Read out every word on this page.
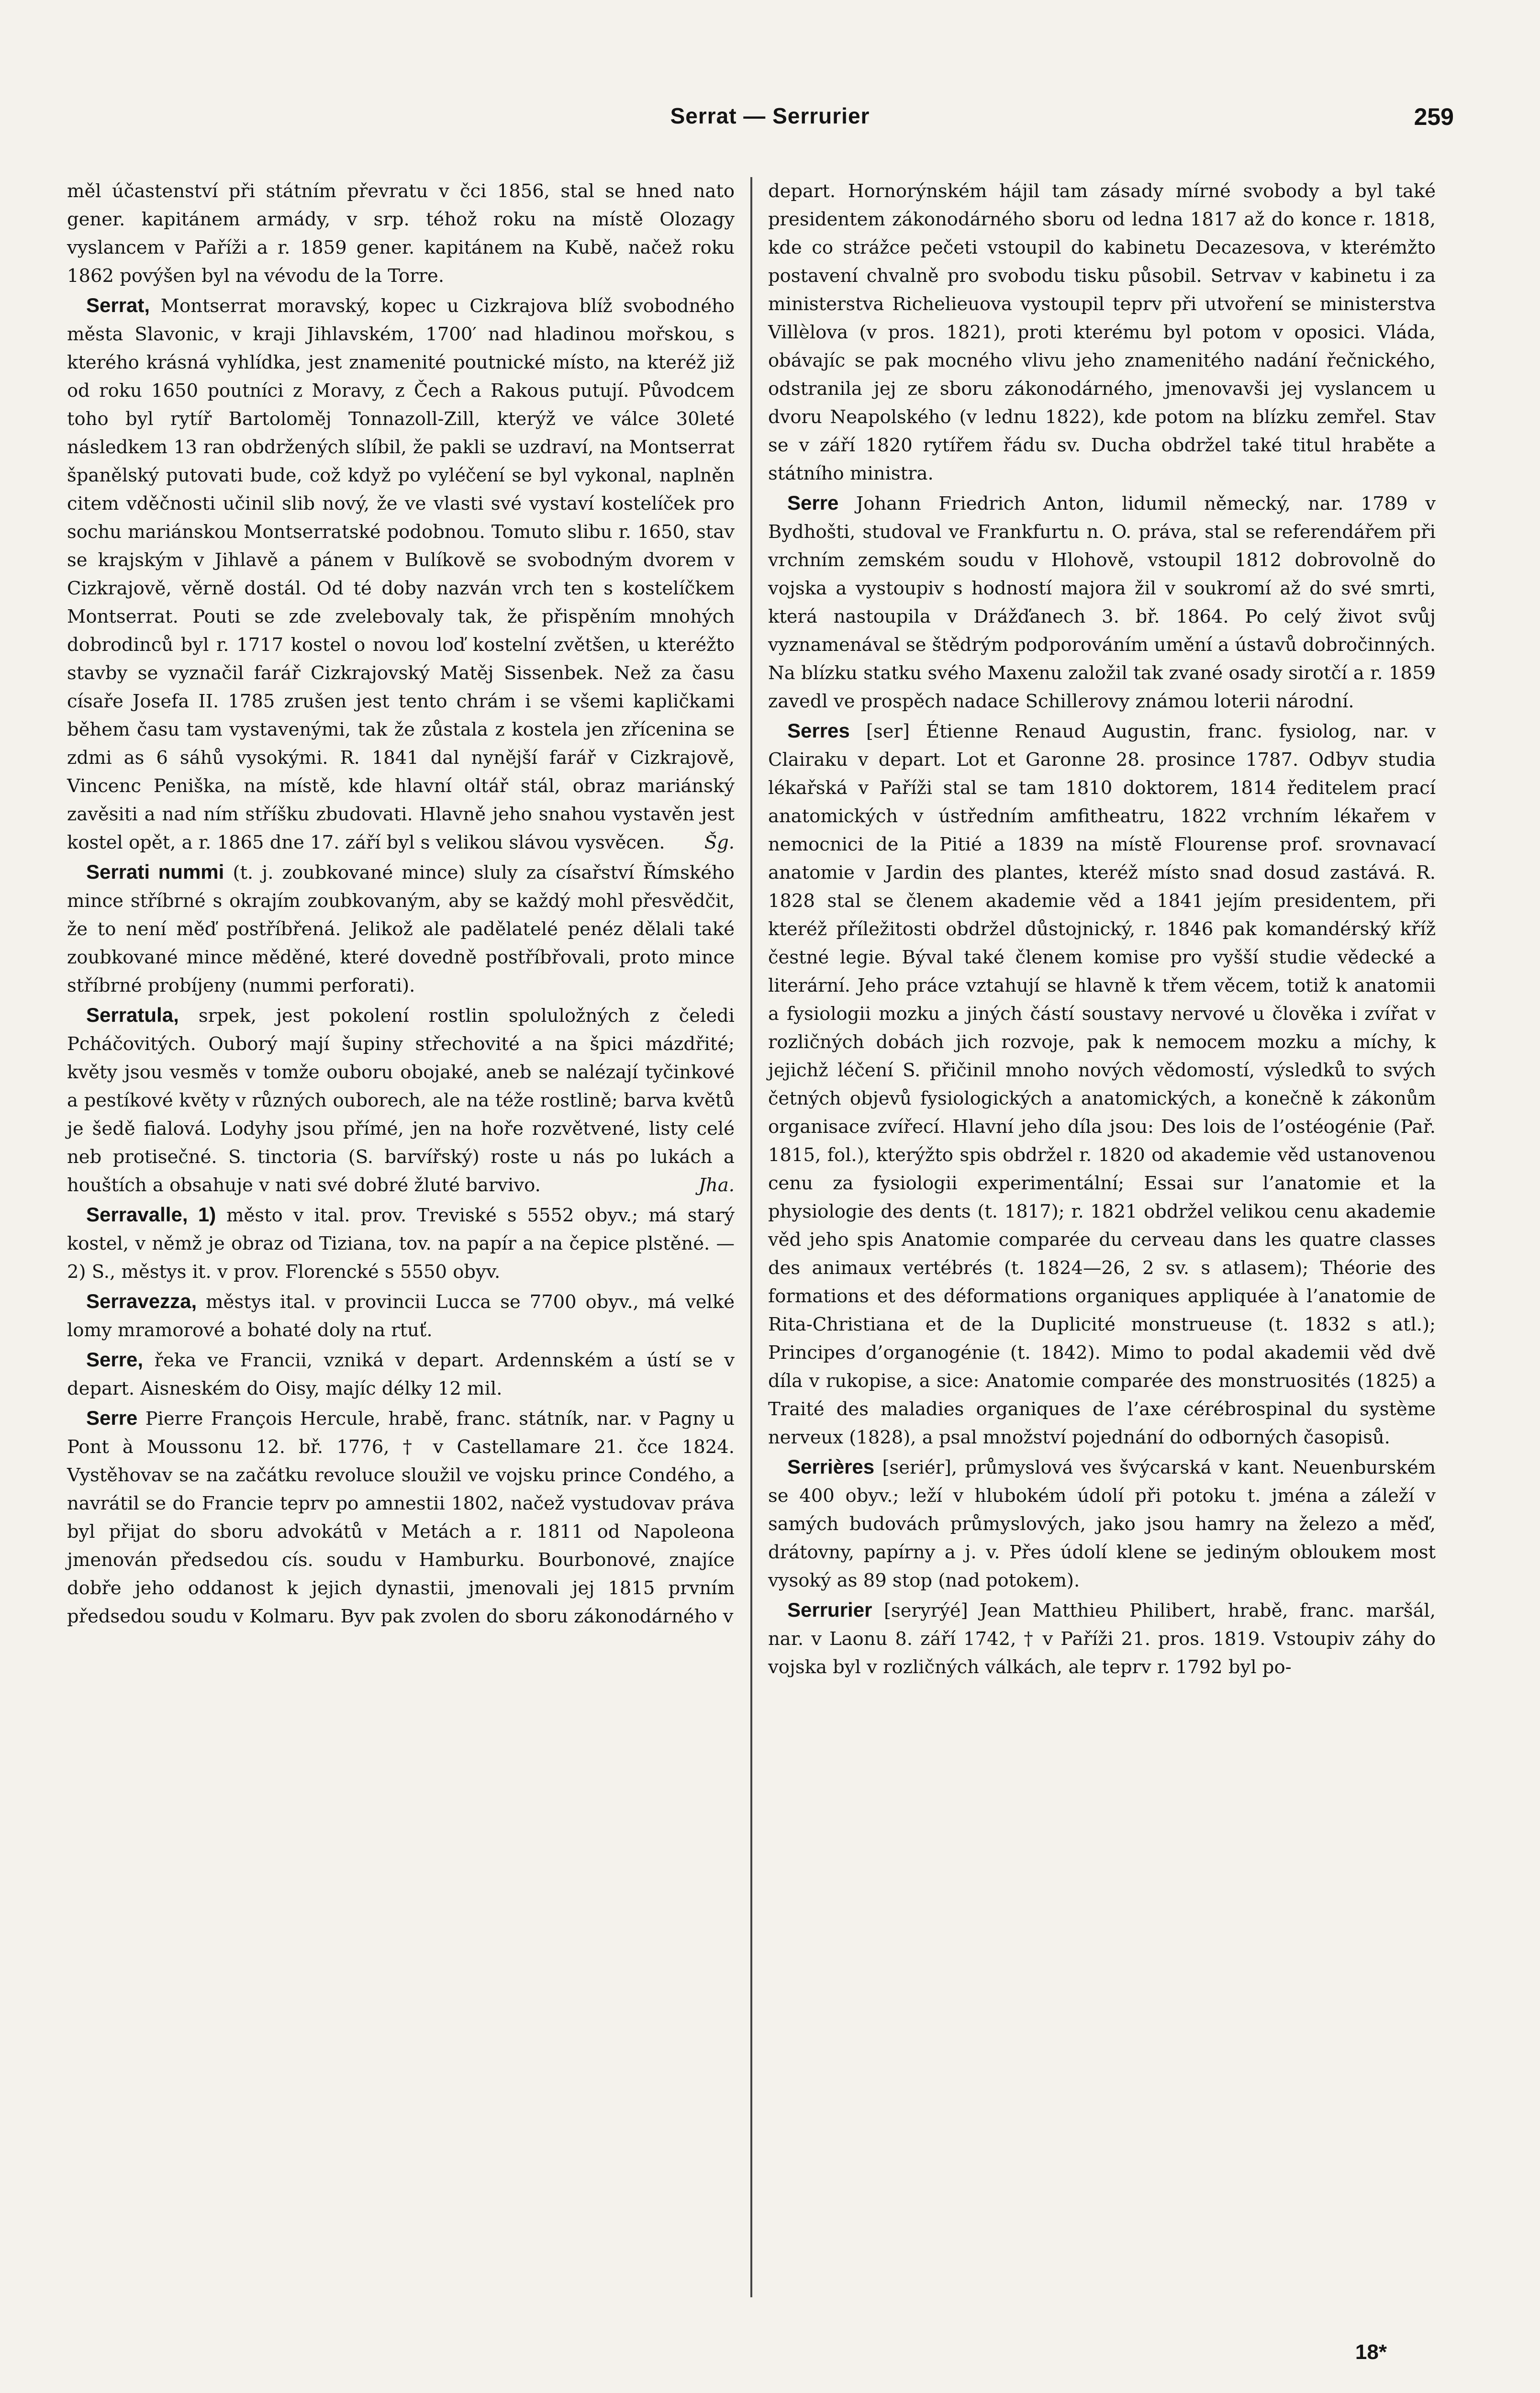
Serrat — Serrurier	259

měl účastenství při státním převratu v čci 1856, stal se hned nato gener. kapitánem armády, v srp. téhož roku na místě Olozagy vyslancem v Paříži a r. 1859 gener. kapitánem na Kubě, načež roku 1862 povýšen byl na vévodu de la Torre.

Serrat, Montserrat moravský, kopec u Cizkrajova blíž svobodného města Slavonic, v kraji Jihlavském, 1700′ nad hladinou mořskou, s kterého krásná vyhlídka, jest znamenité poutnické místo, na kteréž již od roku 1650 poutníci z Moravy, z Čech a Rakous putují. Původcem toho byl rytíř Bartoloměj Tonnazoll-Zill, kterýž ve válce 30leté následkem 13 ran obdržených slíbil, že pakli se uzdraví, na Montserrat španělský putovati bude, což když po vyléčení se byl vykonal, naplněn citem vděčnosti učinil slib nový, že ve vlasti své vystaví kostelíček pro sochu mariánskou Montserratské podobnou. Tomuto slibu r. 1650, stav se krajským v Jihlavě a pánem v Bulíkově se svobodným dvorem v Cizkrajově, věrně dostál. Od té doby nazván vrch ten s kostelíčkem Montserrat. Pouti se zde zvelebovaly tak, že přispěním mnohých dobrodinců byl r. 1717 kostel o novou loď kostelní zvětšen, u kteréžto stavby se vyznačil farář Cizkrajovský Matěj Sissenbek. Než za času císaře Josefa II. 1785 zrušen jest tento chrám i se všemi kapličkami během času tam vystavenými, tak že zůstala z kostela jen zřícenina se zdmi as 6 sáhů vysokými. R. 1841 dal nynější farář v Cizkrajově, Vincenc Peniška, na místě, kde hlavní oltář stál, obraz mariánský zavěsiti a nad ním stříšku zbudovati. Hlavně jeho snahou vystavěn jest kostel opět, a r. 1865 dne 17. září byl s velikou slávou vysvěcen.	Šg.

Serrati nummi (t. j. zoubkované mince) sluly za císařství Římského mince stříbrné s okrajím zoubkovaným, aby se každý mohl přesvědčit, že to není měď postříbřená. Jelikož ale padělatelé penéz dělali také zoubkované mince měděné, které dovedně postříbřovali, proto mince stříbrné probíjeny (nummi perforati).

Serratula, srpek, jest pokolení rostlin spoluložných z čeledi Pcháčovitých. Ouborý mají šupiny střechovité a na špici mázdřité; květy jsou vesměs v tomže ouboru obojaké, aneb se nalézají tyčinkové a pestíkové květy v různých ouborech, ale na téže rostlině; barva květů je šedě fialová. Lodyhy jsou přímé, jen na hoře rozvětvené, listy celé neb protisečné. S. tinctoria (S. barvířský) roste u nás po lukách a houštích a obsahuje v nati své dobré žluté barvivo.	Jha.

Serravalle, 1) město v ital. prov. Treviské s 5552 obyv.; má starý kostel, v němž je obraz od Tiziana, tov. na papír a na čepice plstěné. — 2) S., městys it. v prov. Florencké s 5550 obyv.

Serravezza, městys ital. v provincii Lucca se 7700 obyv., má velké lomy mramorové a bohaté doly na rtuť.

Serre, řeka ve Francii, vzniká v depart. Ardennském a ústí se v depart. Aisneském do Oisy, majíc délky 12 mil.

Serre Pierre François Hercule, hrabě, franc. státník, nar. v Pagny u Pont à Moussonu 12. bř. 1776, † v Castellamare 21. čce 1824. Vystěhovav se na začátku revoluce sloužil ve vojsku prince Condého, a navrátil se do Francie teprv po amnestii 1802, načež vystudovav práva byl přijat do sboru advokátů v Metách a r. 1811 od Napoleona jmenován předsedou cís. soudu v Hamburku. Bourbonové, znajíce dobře jeho oddanost k jejich dynastii, jmenovali jej 1815 prvním předsedou soudu v Kolmaru. Byv pak zvolen do sboru zákonodárného v

depart. Hornorýnském hájil tam zásady mírné svobody a byl také presidentem zákonodárného sboru od ledna 1817 až do konce r. 1818, kde co strážce pečeti vstoupil do kabinetu Decazesova, v kterémžto postavení chvalně pro svobodu tisku působil. Setrvav v kabinetu i za ministerstva Richelieuova vystoupil teprv při utvoření se ministerstva Villèlova (v pros. 1821), proti kterému byl potom v oposici. Vláda, obávajíc se pak mocného vlivu jeho znamenitého nadání řečnického, odstranila jej ze sboru zákonodárného, jmenovavši jej vyslancem u dvoru Neapolského (v lednu 1822), kde potom na blízku zemřel. Stav se v září 1820 rytířem řádu sv. Ducha obdržel také titul hraběte a státního ministra.

Serre Johann Friedrich Anton, lidumil německý, nar. 1789 v Bydhošti, studoval ve Frankfurtu n. O. práva, stal se referendářem při vrchním zemském soudu v Hlohově, vstoupil 1812 dobrovolně do vojska a vystoupiv s hodností majora žil v soukromí až do své smrti, která nastoupila v Drážďanech 3. bř. 1864. Po celý život svůj vyznamenával se štědrým podporováním umění a ústavů dobročinných. Na blízku statku svého Maxenu založil tak zvané osady sirotčí a r. 1859 zavedl ve prospěch nadace Schillerovy známou loterii národní.

Serres [ser] Étienne Renaud Augustin, franc. fysiolog, nar. v Clairaku v depart. Lot et Garonne 28. prosince 1787. Odbyv studia lékařská v Paříži stal se tam 1810 doktorem, 1814 ředitelem prací anatomických v ústředním amfitheatru, 1822 vrchním lékařem v nemocnici de la Pitié a 1839 na místě Flourense prof. srovnavací anatomie v Jardin des plantes, kteréž místo snad dosud zastává. R. 1828 stal se členem akademie věd a 1841 jejím presidentem, při kteréž příležitosti obdržel důstojnický, r. 1846 pak komandérský kříž čestné legie. Býval také členem komise pro vyšší studie vědecké a literární. Jeho práce vztahují se hlavně k třem věcem, totiž k anatomii a fysiologii mozku a jiných částí soustavy nervové u člověka i zvířat v rozličných dobách jich rozvoje, pak k nemocem mozku a míchy, k jejichž léčení S. přičinil mnoho nových vědomostí, výsledků to svých četných objevů fysiologických a anatomických, a konečně k zákonům organisace zvířecí. Hlavní jeho díla jsou: Des lois de l’ostéogénie (Pař. 1815, fol.), kterýžto spis obdržel r. 1820 od akademie věd ustanovenou cenu za fysiologii experimentální; Essai sur l’anatomie et la physiologie des dents (t. 1817); r. 1821 obdržel velikou cenu akademie věd jeho spis Anatomie comparée du cerveau dans les quatre classes des animaux vertébrés (t. 1824—26, 2 sv. s atlasem); Théorie des formations et des déformations organiques appliquée à l’anatomie de Rita-Christiana et de la Duplicité monstrueuse (t. 1832 s atl.); Principes d’organogénie (t. 1842). Mimo to podal akademii věd dvě díla v rukopise, a sice: Anatomie comparée des monstruosités (1825) a Traité des maladies organiques de l’axe cérébrospinal du système nerveux (1828), a psal množství pojednání do odborných časopisů.

Serrières [seriér], průmyslová ves švýcarská v kant. Neuenburském se 400 obyv.; leží v hlubokém údolí při potoku t. jména a záleží v samých budovách průmyslových, jako jsou hamry na železo a měď, drátovny, papírny a j. v. Přes údolí klene se jediným obloukem most vysoký as 89 stop (nad potokem).

Serrurier [seryrýé] Jean Matthieu Philibert, hrabě, franc. maršál, nar. v Laonu 8. září 1742, † v Paříži 21. pros. 1819. Vstoupiv záhy do vojska byl v rozličných válkách, ale teprv r. 1792 byl po-

18*
